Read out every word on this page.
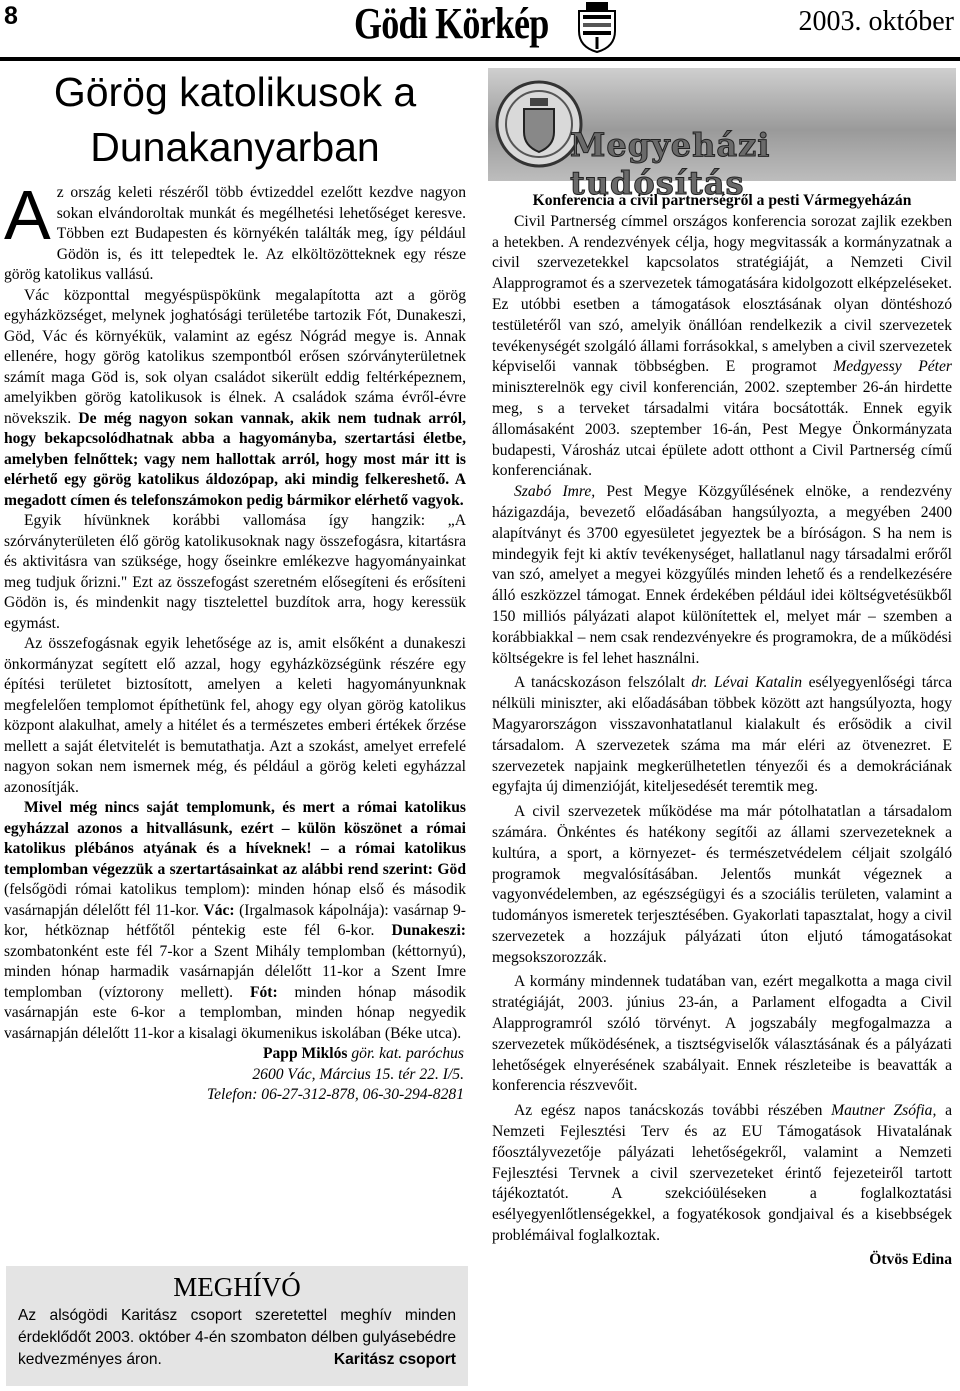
8	Gödi Körkép	2003. október
Görög katolikusok a
Dunakanyarban

A z ország keleti részéről több évtizeddel ezelőtt kezdve nagyon sokan elvándoroltak munkát és megélhetési lehetőséget keresve. Többen ezt Budapesten és környékén találták meg, így például Gödön is, és itt telepedtek le. Az elköltözötteknek egy része görög katolikus vallású.

Vác központtal megyéspüspökünk megalapította azt a görög egyházközséget, melynek joghatósági területébe tartozik Fót, Dunakeszi, Göd, Vác és környékük, valamint az egész Nógrád megye is. Annak ellenére, hogy görög katolikus szempontból erősen szórványterületnek számít maga Göd is, sok olyan családot sikerült eddig feltérképeznem, amelyikben görög katolikusok is élnek. A családok száma évről-évre növekszik. De még nagyon sokan vannak, akik nem tudnak arról, hogy bekapcsolódhatnak abba a hagyományba, szertartási életbe, amelyben felnőttek; vagy nem hallottak arról, hogy most már itt is elérhető egy görög katolikus áldozópap, aki mindig felkereshető. A megadott címen és telefonszámokon pedig bármikor elérhető vagyok.

Egyik hívünknek korábbi vallomása így hangzik: „A szórványterületen élő görög katolikusoknak nagy összefogásra, kitartásra és aktivitásra van szüksége, hogy őseinkre emlékezve hagyományainkat meg tudjuk őrizni." Ezt az összefogást szeretném elősegíteni és erősíteni Gödön is, és mindenkit nagy tisztelettel buzdítok arra, hogy keressük egymást.

Az összefogásnak egyik lehetősége az is, amit elsőként a dunakeszi önkormányzat segített elő azzal, hogy egyházközségünk részére egy építési területet biztosított, amelyen a keleti hagyományunknak megfelelően templomot építhetünk fel, ahogy egy olyan görög katolikus központ alakulhat, amely a hitélet és a természetes emberi értékek őrzése mellett a saját életvitelét is bemutathatja. Azt a szokást, amelyet errefelé nagyon sokan nem ismernek még, és például a görög keleti egyházzal azonosítják.

Mivel még nincs saját templomunk, és mert a római katolikus egyházzal azonos a hitvallásunk, ezért – külön köszönet a római katolikus plébános atyának és a híveknek! – a római katolikus templomban végezzük a szertartásainkat az alábbi rend szerint: Göd (felsőgödi római katolikus templom): minden hónap első és második vasárnapján délelőtt fél 11-kor. Vác: (Irgalmasok kápolnája): vasárnap 9-kor, hétköznap hétfőtől péntekig este fél 6-kor. Dunakeszi: szombatonként este fél 7-kor a Szent Mihály templomban (kéttornyú), minden hónap harmadik vasárnapján délelőtt 11-kor a Szent Imre templomban (víztorony mellett). Fót: minden hónap második vasárnapján este 6-kor a templomban, minden hónap negyedik vasárnapján délelőtt 11-kor a kisalagi ökumenikus iskolában (Béke utca).

Papp Miklós gör. kat. paróchus
2600 Vác, Március 15. tér 22. I/5.
Telefon: 06-27-312-878, 06-30-294-8281
MEGHÍVÓ
Az alsógödi Karitász csoport szeretettel meghív minden érdeklődőt 2003. október 4-én szombaton délben gulyásebédre kedvezményes áron.	Karitász csoport
Megyeházi tudósítás

Konferencia a civil partnerségről a pesti Vármegyeházán

Civil Partnerség címmel országos konferencia sorozat zajlik ezekben a hetekben. A rendezvények célja, hogy megvitassák a kormányzatnak a civil szervezetekkel kapcsolatos stratégiáját, a Nemzeti Civil Alapprogramot és a szervezetek támogatására kidolgozott elképzeléseket. Ez utóbbi esetben a támogatások elosztásának olyan döntéshozó testületéről van szó, amelyik önállóan rendelkezik a civil szervezetek tevékenységét szolgáló állami forrásokkal, s amelyben a civil szervezetek képviselői vannak többségben. E programot Medgyessy Péter miniszterelnök egy civil konferencián, 2002. szeptember 26-án hirdette meg, s a terveket társadalmi vitára bocsátották. Ennek egyik állomásaként 2003. szeptember 16-án, Pest Megye Önkormányzata budapesti, Városház utcai épülete adott otthont a Civil Partnerség című konferenciának.

Szabó Imre, Pest Megye Közgyűlésének elnöke, a rendezvény házigazdája, bevezető előadásában hangsúlyozta, a megyében 2400 alapítványt és 3700 egyesületet jegyeztek be a bíróságon. S ha nem is mindegyik fejt ki aktív tevékenységet, hallatlanul nagy társadalmi erőről van szó, amelyet a megyei közgyűlés minden lehető és a rendelkezésére álló eszközzel támogat. Ennek érdekében például idei költségvetésükből 150 milliós pályázati alapot különítettek el, melyet már – szemben a korábbiakkal – nem csak rendezvényekre és programokra, de a működési költségekre is fel lehet használni.

A tanácskozáson felszólalt dr. Lévai Katalin esélyegyenlőségi tárca nélküli miniszter, aki előadásában többek között azt hangsúlyozta, hogy Magyarországon visszavonhatatlanul kialakult és erősödik a civil társadalom. A szervezetek száma ma már eléri az ötvenezret. E szervezetek napjaink megkerülhetetlen tényezői és a demokráciának egyfajta új dimenzióját, kiteljesedését teremtik meg.

A civil szervezetek működése ma már pótolhatatlan a társadalom számára. Önkéntes és hatékony segítői az állami szervezeteknek a kultúra, a sport, a környezet- és természetvédelem céljait szolgáló programok megvalósításában. Jelentős munkát végeznek a vagyonvédelemben, az egészségügyi és a szociális területen, valamint a tudományos ismeretek terjesztésében. Gyakorlati tapasztalat, hogy a civil szervezetek a hozzájuk pályázati úton eljutó támogatásokat megsokszorozzák.

A kormány mindennek tudatában van, ezért megalkotta a maga civil stratégiáját, 2003. június 23-án, a Parlament elfogadta a Civil Alapprogramról szóló törvényt. A jogszabály megfogalmazza a szervezetek működésének, a tisztségviselők választásának és a pályázati lehetőségek elnyerésének szabályait. Ennek részleteibe is beavatták a konferencia részvevőit.

Az egész napos tanácskozás további részében Mautner Zsófia, a Nemzeti Fejlesztési Terv és az EU Támogatások Hivatalának főosztályvezetője pályázati lehetőségekről, valamint a Nemzeti Fejlesztési Tervnek a civil szervezeteket érintő fejezeteiről tartott tájékoztatót. A szekcióüléseken a foglalkoztatási esélyegyenlőtlenségekkel, a fogyatékosok gondjaival és a kisebbségek problémáival foglalkoztak.

Ötvös Edina
